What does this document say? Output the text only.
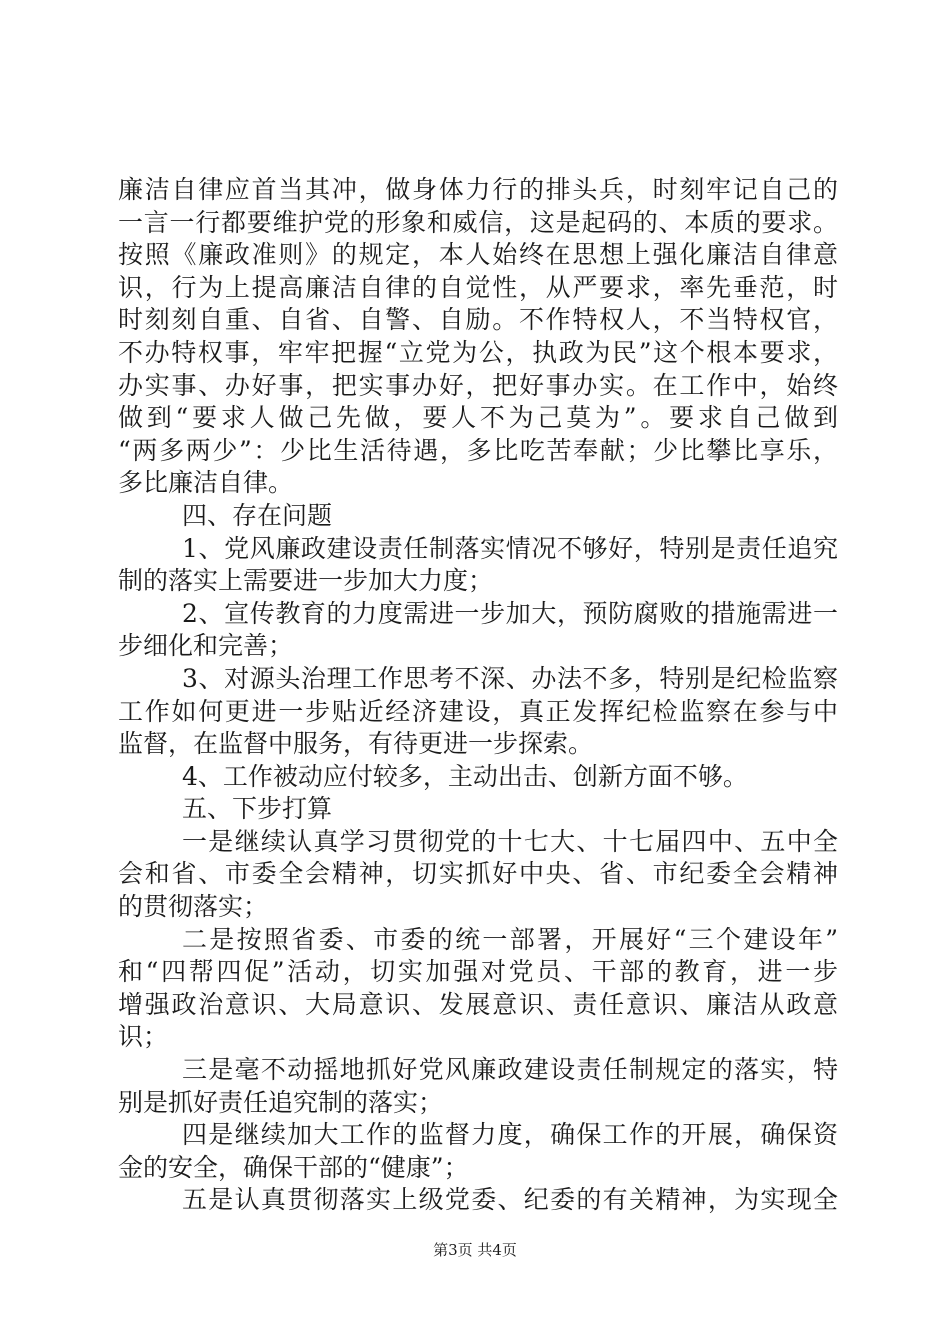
廉洁自律应首当其冲，做身体力行的排头兵，时刻牢记自己的
一言一行都要维护党的形象和威信，这是起码的、本质的要求。
按照《廉政准则》的规定，本人始终在思想上强化廉洁自律意
识，行为上提高廉洁自律的自觉性，从严要求，率先垂范，时
时刻刻自重、自省、自警、自励。不作特权人，不当特权官，
不办特权事，牢牢把握“立党为公，执政为民”这个根本要求，
办实事、办好事，把实事办好，把好事办实。在工作中，始终
做到“要求人做己先做，要人不为己莫为”。要求自己做到
“两多两少”：少比生活待遇，多比吃苦奉献；少比攀比享乐，
多比廉洁自律。
四、存在问题
1、党风廉政建设责任制落实情况不够好，特别是责任追究
制的落实上需要进一步加大力度；
2、宣传教育的力度需进一步加大，预防腐败的措施需进一
步细化和完善；
3、对源头治理工作思考不深、办法不多，特别是纪检监察
工作如何更进一步贴近经济建设，真正发挥纪检监察在参与中
监督，在监督中服务，有待更进一步探索。
4、工作被动应付较多，主动出击、创新方面不够。
五、下步打算
一是继续认真学习贯彻党的十七大、十七届四中、五中全
会和省、市委全会精神，切实抓好中央、省、市纪委全会精神
的贯彻落实；
二是按照省委、市委的统一部署，开展好“三个建设年”
和“四帮四促”活动，切实加强对党员、干部的教育，进一步
增强政治意识、大局意识、发展意识、责任意识、廉洁从政意
识；
三是毫不动摇地抓好党风廉政建设责任制规定的落实，特
别是抓好责任追究制的落实；
四是继续加大工作的监督力度，确保工作的开展，确保资
金的安全，确保干部的“健康”；
五是认真贯彻落实上级党委、纪委的有关精神，为实现全
第3页 共4页
